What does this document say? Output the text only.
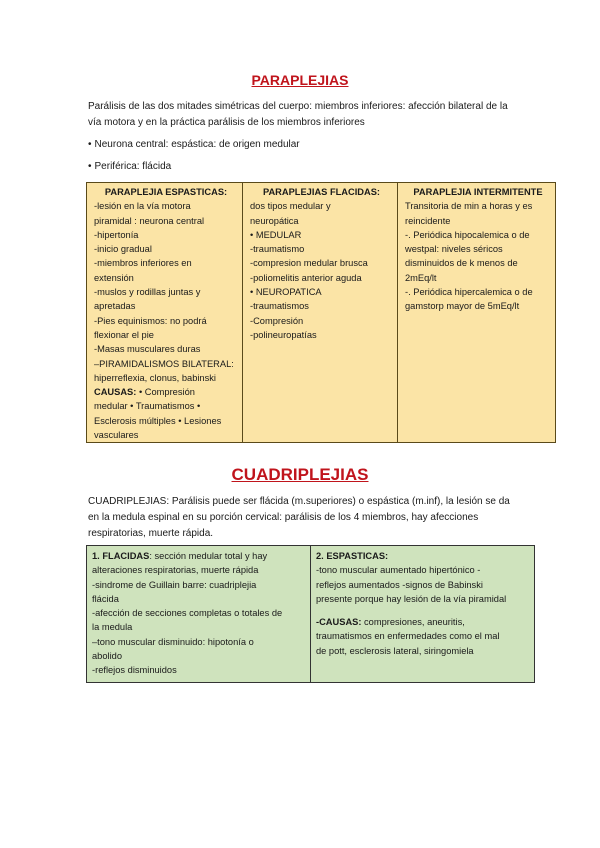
PARAPLEJIAS
Parálisis de las dos mitades simétricas del cuerpo: miembros inferiores: afección bilateral de la vía motora y en la práctica parálisis de los miembros inferiores
• Neurona central: espástica: de origen medular
• Periférica: flácida
PARAPLEJIA ESPASTICAS:
-lesión en la vía motora
piramidal : neurona central
-hipertonía
-inicio gradual
-miembros inferiores en
extensión
-muslos y rodillas juntas y
apretadas
-Pies equinismos: no podrá
flexionar el pie
-Masas musculares duras
–PIRAMIDALISMOS BILATERAL:
hiperreflexia, clonus, babinski
CAUSAS: • Compresión
medular • Traumatismos •
Esclerosis múltiples • Lesiones
vasculares

PARAPLEJIAS FLACIDAS:
dos tipos medular y
neuropática
• MEDULAR
-traumatismo
-compresion medular brusca
-poliomelitis anterior aguda
• NEUROPATICA
-traumatismos
-Compresión
-polineuropatías

PARAPLEJIA INTERMITENTE
Transitoria de min a horas y es
reincidente
-. Periódica hipocalemica o de
westpal: niveles séricos
disminuidos de k menos de
2mEq/lt
-. Periódica hipercalemica o de
gamstorp mayor de 5mEq/lt
CUADRIPLEJIAS
CUADRIPLEJIAS: Parálisis puede ser flácida (m.superiores) o espástica (m.inf), la lesión se da en la medula espinal en su porción cervical: parálisis de los 4 miembros, hay afecciones respiratorias, muerte rápida.
1. FLACIDAS: sección medular total y hay
alteraciones respiratorias, muerte rápida
-sindrome de Guillain barre: cuadriplejia
flácida
-afección de secciones completas o totales de
la medula
–tono muscular disminuido: hipotonía o
abolido
-reflejos disminuidos

2. ESPASTICAS:
-tono muscular aumentado hipertónico -
reflejos aumentados -signos de Babinski
presente porque hay lesión de la vía piramidal
-CAUSAS: compresiones, aneuritis,
traumatismos en enfermedades como el mal
de pott, esclerosis lateral, siringomiela
